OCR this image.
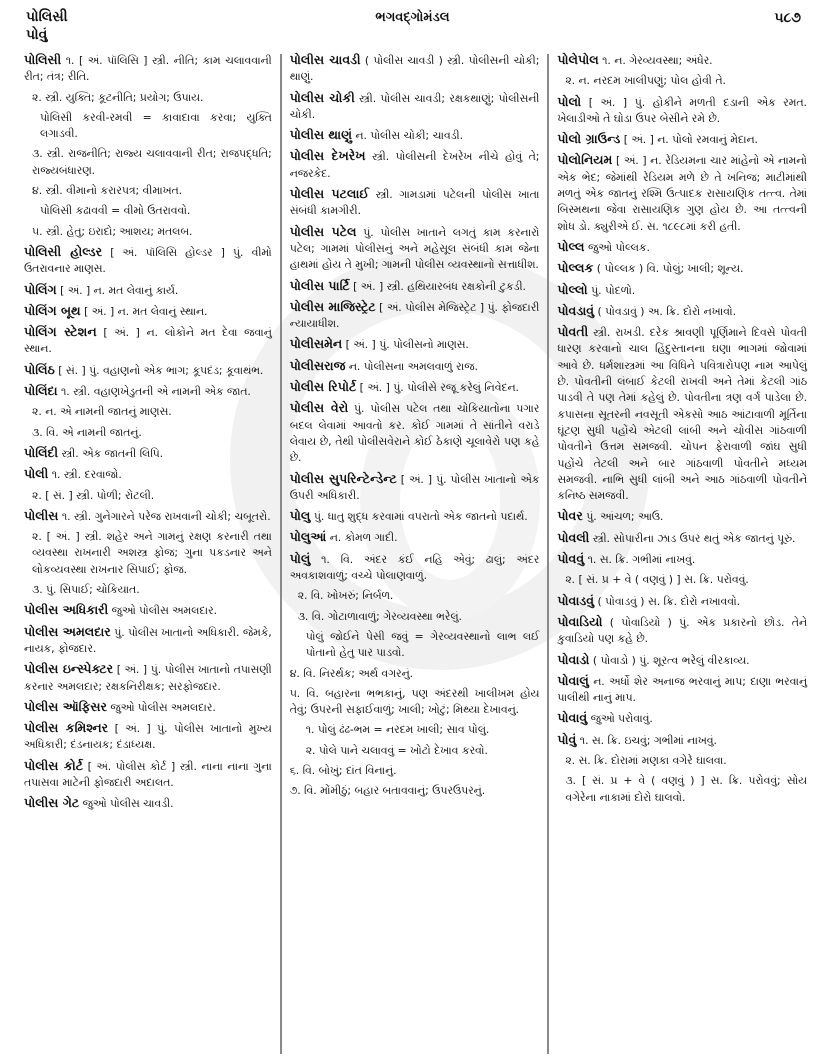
પોલિસી
પોવું
ભગવદ્ગોમંડલ	૫૮૭
પોલિસી ૧. [ અં. પૉલિસિ ] સ્ત્રી. નીતિ; કામ ચલાવવાની રીત; તંત્ર; રીતિ.
૨. સ્ત્રી. યુક્તિ; કૂટનીતિ; પ્રયોગ; ઉપાય.
પોલિસી કરવી-રમવી = કાવાદાવા કરવા; યુક્તિ લગાડવી.
૩. સ્ત્રી. રાજનીતિ; રાજ્ય ચલાવવાની રીત; રાજપદ્ધતિ; રાજ્યબંધારણ.
૪. સ્ત્રી. વીમાનો કરારપત્ર; વીમાખત.
પોલિસી કઢાવવી = વીમો ઉતરાવવો.
૫. સ્ત્રી. હેતુ; ઇરાદો; આશય; મતલબ.
પોલિસી હોલ્ડર [ અં. પૉલિસિ હોલ્ડર ] પું. વીમો ઉતરાવનાર માણસ.
પોલિંગ [ અં. ] ન. મત લેવાનું કાર્ય.
પોલિંગ બૂથ [ અં. ] ન. મત લેવાનું સ્થાન.
પોલિંગ સ્ટેશન [ અં. ] ન. લોકોને મત દેવા જવાનું સ્થાન.
પોલિંઠ [ સં. ] પું. વહાણનો એક ભાગ; કૂપદંડ; કૂવાથંભ.
પોલિંદા ૧. સ્ત્રી. વહાણખેડુતની એ નામની એક જાત.
૨. ન. એ નામની જાતનું માણસ.
૩. વિ. એ નામની જાતનું.
પોલિંદી સ્ત્રી. એક જાતની લિપિ.
પોલી ૧. સ્ત્રી. દરવાજો.
૨. [ સં. ] સ્ત્રી. પોળી; રોટલી.
પોલીસ ૧. સ્ત્રી. ગુનેગારને પરેજ રાખવાની ચોકી; ચબૂતરો.
૨. [ અં. ] સ્ત્રી. શહેર અને ગામનું રક્ષણ કરનારી તથા વ્યવસ્થા રાખનારી અશસ્ત્ર ફોજ; ગુના પકડનાર અને લોકવ્યવસ્થા રાખનાર સિપાઈ; ફોજ.
૩. પું. સિપાઈ; ચોકિયાત.
પોલીસ અધિકારી જુઓ પોલીસ અમલદાર.
પોલીસ અમલદાર પું. પોલીસ ખાતાનો અધિકારી. જેમકે, નાયક, ફોજદાર.
પોલીસ ઇન્સ્પેક્ટર [ અં. ] પું. પોલીસ ખાતાનો તપાસણી કરનાર અમલદાર; રક્ષકનિરીક્ષક; સરફોજદાર.
પોલીસ ઑફિસર જુઓ પોલીસ અમલદાર.
પોલીસ કમિશ્નર [ અં. ] પું. પોલીસ ખાતાનો મુખ્ય અધિકારી; દંડનાયક; દંડાધ્યક્ષ.
પોલીસ કોર્ટ [ અં. પોલીસ કોર્ટ ] સ્ત્રી. નાના નાના ગુના તપાસવા માટેની ફોજદારી અદાલત.
પોલીસ ગેટ જુઓ પોલીસ ચાવડી.
પોલીસ ચાવડી ( પોલીસ ચાવડી ) સ્ત્રી. પોલીસની ચોકી; થાણું.
પોલીસ ચોકી સ્ત્રી. પોલીસ ચાવડી; રક્ષકથાણું; પોલીસની ચોકી.
પોલીસ થાણું ન. પોલીસ ચોકી; ચાવડી.
પોલીસ દેખરેખ સ્ત્રી. પોલીસની દેખરેખ નીચે હોવું તે; નજરકેદ.
પોલીસ પટલાઈ સ્ત્રી. ગામડામાં પટેલની પોલીસ ખાતા સંબંધી કામગીરી.
પોલીસ પટેલ પું. પોલીસ ખાતાને લગતું કામ કરનારો પટેલ; ગામમાં પોલીસનું અને મહેસૂલ સંબંધી કામ જેના હાથમાં હોય તે મુખી; ગામની પોલીસ વ્યવસ્થાનો સત્તાધીશ.
પોલીસ પાર્ટિ [ અં. ] સ્ત્રી. હથિયારબંધ રક્ષકોની ટુકડી.
પોલીસ માજિસ્ટ્રેટ [ અં. પોલીસ મેજિસ્ટ્રેટ ] પું. ફોજદારી ન્યાયાધીશ.
પોલીસમેન [ અં. ] પું. પોલીસનો માણસ.
પોલીસરાજ ન. પોલીસના અમલવાળું રાજ.
પોલીસ રિપોર્ટ [ અં. ] પું. પોલીસે રજૂ કરેલું નિવેદન.
પોલીસ વેરો પું. પોલીસ પટેલ તથા ચોકિયાતોના પગાર બદલ લેવામાં આવતો કર. કોઈ ગામમાં તે સાંતીને વરાડે લેવાય છે, તેથી પોલીસવેરાને કોઈ ઠેકાણે ચૂલાવેરો પણ કહે છે.
પોલીસ સુપરિન્ટેન્ડેન્ટ [ અં. ] પું. પોલીસ ખાતાનો એક ઉપરી અધિકારી.
પોલુ પું. ધાતુ શુદ્ધ કરવામાં વપરાતો એક જાતનો પદાર્થ.
પોલુઆં ન. કોમળ ગાદી.
પોલું ૧. વિ. અંદર કંઈ નહિ એવું; ઢાલું; અંદર અવકાશવાળું; વચ્ચે પોલાણવાળું.
૨. વિ. ખોખરું; નિર્બળ.
૩. વિ. ગોટાળાવાળું; ગેરવ્યવસ્થા ભરેલું.
પોલું જોઈને પેસી જવું = ગેરવ્યવસ્થાનો લાભ લઈ પોતાનો હેતુ પાર પાડવો.
૪. વિ. નિરર્થક; અર્થ વગરનું.
૫. વિ. બહારના ભભકાનું, પણ અંદરથી ખાલીખમ હોય તેવું; ઉપરની સફાઈવાળું; ખાલી; ખોટું; મિથ્યા દેખાવનું.
૧. પોલું ઢંઢ-ભમ = નરદમ ખાલી; સાવ પોલું.
૨. પોલે પાને ચલાવવું = ખોટો દેખાવ કરવો.
૬. વિ. બોખું; દાંત વિનાનું.
૭. વિ. મોંમીઠું; બહાર બતાવવાનું; ઉપરઉપરનું.
પોલેપોલ ૧. ન. ગેરવ્યવસ્થા; અંધેર.
૨. ન. નરદમ ખાલીપણું; પોલ હોવી તે.
પોલો [ અં. ] પું. હોકીને મળતી દડાની એક રમત. ખેલાડીઓ તે ઘોડા ઉપર બેસીને રમે છે.
પોલો ગ્રાઉન્ડ [ અં. ] ન. પોલો રમવાનું મેદાન.
પોલોનિયમ [ અં. ] ન. રેડિયમના ચાર માંહેનો એ નામનો એક ભેદ; જેમાંથી રેડિયમ મળે છે તે ખનિજ; માટીમાંથી મળતું એક જાતનું રશ્મિ ઉત્પાદક રાસાયણિક તત્ત્વ. તેમાં બિસ્મથના જેવા રાસાયણિક ગુણ હોય છે. આ તત્ત્વની શોધ ડો. ક્યુરીએ ઈ. સ. ૧૮૯૮માં કરી હતી.
પોલ્લ જુઓ પોલ્લક.
પોલ્લક ( પોલ્લક ) વિ. પોલું; ખાલી; શૂન્ય.
પોલ્લો પું. પોદળો.
પોવડાવું ( પોવડાવું ) અ. ક્રિ. દોરો નખાવો.
પોવતી સ્ત્રી. રાખડી. દરેક શ્રાવણી પૂર્ણિમાને દિવસે પોવતી ધારણ કરવાનો ચાલ હિંદુસ્તાનના ઘણા ભાગમાં જોવામાં આવે છે. ધર્મશાસ્ત્રમાં આ વિધિને પવિત્રારોપણ નામ આપેલું છે. પોવતીની લંબાઈ કેટલી રાખવી અને તેમાં કેટલી ગાંઠ પાડવી તે પણ તેમાં કહેલું છે. પોવતીના ત્રણ વર્ગ પાડેલા છે. કપાસના સૂતરની નવસૂતી એકસો આઠ આંટાવાળી મૂર્તિના ઘૂંટણ સુધી પહોંચે એટલી લાંબી અને ચોવીસ ગાંઠવાળી પોવતીને ઉત્તમ સમજવી. ચોપન ફેરાવાળી જાંઘ સુધી પહોંચે તેટલી અને બાર ગાંઠવાળી પોવતીને મધ્યમ સમજવી. નાભિ સુધી લાંબી અને આઠ ગાંઠવાળી પોવતીને કનિષ્ઠ સમજવી.
પોવર પું. આંચળ; આઉ.
પોવલી સ્ત્રી. સોપારીના ઝાડ ઉપર થતું એક જાતનું પૂરું.
પોવવું ૧. સ. ક્રિ. ગભીમાં નાખવું.
૨. [ સં. પ્ર + વે ( વણવું ) ] સ. ક્રિ. પરોવવું.
પોવાડવું ( પોવાડવું ) સ. ક્રિ. દોરો નખાવવો.
પોવાડિયો ( પોવાડિયો ) પું. એક પ્રકારનો છોડ. તેને કુવાડિયો પણ કહે છે.
પોવાડો ( પોવાડો ) પું. શૂરત્વ ભરેલું વીરકાવ્ય.
પોવાલું ન. અર્ધો શેર અનાજ ભરવાનું માપ; દાણા ભરવાનું પાલીથી નાનું માપ.
પોવાવું જુઓ પરોવાવું.
પોવું ૧. સ. ક્રિ. ઇચવું; ગભીમાં નાખવું.
૨. સ. ક્રિ. દોરામાં મણકા વગેરે ઘાલવા.
૩. [ સં. પ્ર + વે ( વણવું ) ] સ. ક્રિ. પરોવવું; સોય વગેરેના નાકામાં દોરો ઘાલવો.
